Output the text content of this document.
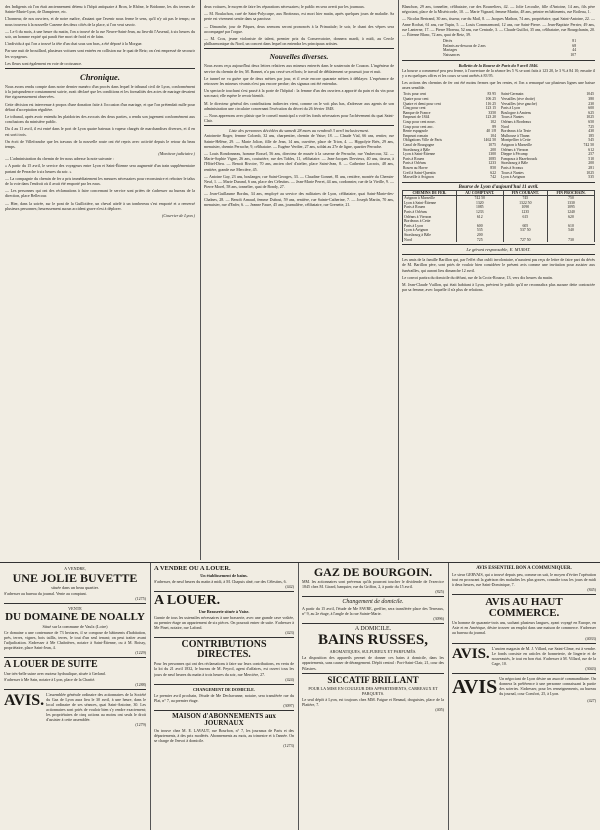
des Indigents où l'on était anciennement détenu à l'hôpit antiquaire à Bron, le Rhône, le Bridonne, les dix termes de Sainte-Marie-Lyon, de Dampierre, etc.

L'honneur, de nos ouvriers, et de notre maître, d'autant que l'avenir nous ferme le sens, qu'il n'y ait pas le temps; on nous trouvera à la nouvelle Caserne des deux côtés de la place, si l'on veut savoir.

— Le 6 du mois, à une heure du matin, l'on a trouvé de la rue Neuve-Saint-Jean, au lieu-dit l'Arsenal, à six heures du soir, un homme expiré qui paraît être mort de froid et de faim.

L'individu à qui l'on a trouvé la tête d'un chat sous son bras, a été déposé à la Morgue.

Par une nuit de brouillard, plusieurs voitures sont entrées en collision sur le quai de Retz; on s'est empressé de secourir les voyageurs.

Les fleurs sont également en voie de croissance.

Chronique.

Nous avons rendu compte dans notre dernier numéro d'un procès dans lequel le tribunal civil de Lyon, conformément à la jurisprudence constamment suivie, avait déclaré que les conditions et les formalités des actes de mariage devaient être rigoureusement observées.

Cette décision est intervenue à propos d'une donation faite à l'occasion d'un mariage, et que l'on prétendait nulle pour défaut d'acceptation régulière.

Le tribunal, après avoir entendu les plaidoiries des avocats des deux parties, a rendu son jugement conformément aux conclusions du ministère public.

Du 4 au 11 avril, il est entré dans le port de Lyon quatre bateaux à vapeur chargés de marchandises diverses, et il en est sorti trois.

On écrit de Villefranche que les travaux de la nouvelle route ont été repris avec activité depuis le retour du beau temps.

(Moniteur judiciaire.)

— L'administration du chemin de fer nous adresse la note suivante :

« A partir du 15 avril, le service des voyageurs entre Lyon et Saint-Étienne sera augmenté d'un train supplémentaire partant de Perrache à six heures du soir. »

— La compagnie du chemin de fer a pris immédiatement les mesures nécessaires pour reconstruire et reboiser le talus de la voie dans l'endroit où il avait été emporté par les eaux.

— Les personnes qui ont des réclamations à faire concernant le service sont priées de s'adresser au bureau de la direction, place Bellecour.

— Hier, dans la soirée, sur le pont de la Guillotière, un cheval attelé à un tombereau s'est emporté et a renversé plusieurs personnes; heureusement aucun accident grave n'est à déplorer.

(Courrier de Lyon.)

deux voitures, le moyen de faire les réparations nécessaires; le public en sera averti par les journaux.

— M. Boulachon, curé de Saint-Polycarpe, aux Brotteaux, est mort hier matin, après quelques jours de maladie. Sa perte est vivement sentie dans sa paroisse.

— Dimanche, jour de Pâques, deux sermons seront prononcés à la Primatiale; le soir, le chant des vêpres sera accompagné par l'orgue.

— M. Cros, jeune violoniste de talent, premier prix du Conservatoire, donnera mardi, à midi, au Cercle philharmonique du Nord, un concert dans lequel on entendra les principaux artistes.

Nouvelles diverses.

Nous avons reçu aujourd'hui deux lettres relatives aux mineurs enterrés dans le souterrain de Couzon. L'ingénieur de service du chemin de fer, M. Bonnet, n'a pas cessé ses efforts; le travail de déblaiement se poursuit jour et nuit.

Le tunnel ne va guère que de deux mètres par jour, et il reste encore quarante mètres à déblayer. L'espérance de retrouver les mineurs vivants n'est pas encore perdue; des signaux ont été entendus.

Un spectacle touchant s'est passé à la porte de l'hôpital : la femme d'un des ouvriers a apporté du pain et du vin pour son mari; elle espère le revoir bientôt.

M. le directeur général des contributions indirectes vient, comme on le voit plus bas, d'adresser aux agents de son administration une circulaire concernant l'exécution du décret du 26 février 1848.

— Nous apprenons avec plaisir que le conseil municipal a voté les fonds nécessaires pour l'achèvement du quai Saint-Clair.

Liste des personnes décédées du samedi 28 mars au vendredi 3 avril inclusivement.

Antoinette Roger, femme Colomb, 32 ans, charpentier, chemin de Vaise; 18. — Claude Vial, 66 ans, rentier, rue Sainte-Hélène, 29. — Marie Jolion, fille de Jean, 14 ans, ouvrière, place de Trion, 4. — Hippolyte Brès, 29 ans, menuisier, chemin Perrache, 9, célibataire. — Eugène Verdier, 27 ans, soldat au 27e de ligne, quartier Perrache.

— Louis Rondonneau, homme Rossel, 56 ans, directeur de musée à la caserne de Perrache, rue Vaubecour, 32. — Marie-Sophie Vigne, 26 ans, couturière, rue des Tables, 11, célibataire. — Jean-Jacques Dervieux, 40 ans, tisseur, à l'Hôtel-Dieu. — Benoit Rivoire, 70 ans, ancien chef d'atelier, place Saint-Jean, 8. — Catherine Lacroix, 48 ans, rentière, grande rue Mercière, 45.

— Antoine Gay, 23 ans, boulanger, rue Saint-Georges, 33. — Claudine Gonnet, 81 ans, rentière, montée du Chemin-Neuf, 1. — Marie Durand, 6 ans, place des Célestins. — Jean-Marie Perret, 44 ans, cordonnier, rue de la Vieille, 9. — Pierre Morel, 58 ans, tonnelier, quai de Bondy, 27.

— Jean-Guillaume Bordas, 34 ans, employé au service des militaires de Lyon, célibataire, quai Saint-Marie-des-Chaînes, 28. — Benoît Arnaud, femme Dubost, 59 ans, rentière, rue Sainte-Catherine, 7. — Joseph Martin, 70 ans, menuisier, rue d'Enfer, 6. — Jeanne Faure, 45 ans, journalière, célibataire, rue Grenette, 21.

Blanchon, 29 ans, tonnelier, célibataire, rue des Bourreliers, 42. — Jolie Lecoulte, fille d'Antoine, 14 ans, fils père négociant, place de la Miséricorde, 10. — Marie Vignard, femme Martin, 48 ans, peintre en bâtiments, rue Boileau, 1.

— Nicolas Bertrand, 30 ans, tisseur, rue du Mail, 8. — Jacques Mathon, 74 ans, propriétaire, quai Saint-Antoine, 22. — Anne Rochat, 61 ans, rue Tupin, 5. — Louis Commarmond, 12 ans, rue Saint-Pierre. — Jean-Baptiste Perrier, 49 ans, rue Lanterne, 17. — Pierre Moreau, 52 ans, rue Centrale, 3. — Claude Guillot, 35 ans, célibataire, rue Bourgchanin, 20. — Étienne Blanc, 72 ans, quai de Retz, 39.

Décès	81
Enfants au-dessous de 2 ans	68
Mariages	44
Naissances	107
Bulletin de la Bourse de Paris du 9 avril 1846.

La bourse a commencé peu peu ferme, à l'ouverture de la séance les 5 % se sont faits à 123 20, le 3 % à 84 10; ensuite il y a eu quelques offres et les cours se sont arrêtés à 83 95.

Les actions des chemins de fer ont été moins fermes que les rentes, et l'on a remarqué sur plusieurs lignes une baisse assez sensible.

Trois pour cent	83 95
Quatre pour cent	106 25
Quatre et demi pour cent	116 25
Cinq pour cent	123 15
Banque de France	3350
Emprunt de 1844	123 20
Coup pour cent nouv.	102
Coup pour cent anc.	89
Rente espagnole	40 1/8
Emprunt romain	104
Obligations Ville de Paris	1462 50
Canal de Bourgogne	1075
Strasbourg à Bâle	200
Lyon à Saint-Étienne	1300
Paris à Rouen	1085
Paris à Orléans	1233
Rouen au Havre	850
Creil à Saint-Quentin	622
Marseille à Avignon	742
Saint-Germain	1045
Versailles (rive droite)	380
Versailles (rive gauche)	230
Paris à Lyon	600
Boulogne à Amiens	625
Tours à Nantes	1025
Orléans à Bordeaux	650
Nord	725
Bordeaux à la Teste	430
Mulhouse à Thann	185
Montpellier à Cette	545
Avignon à Marseille	742 50
Orléans à Vierzon	612
Dieppe à Fécamp	257
Fampoux à Hazebrouck	510
Strasbourg à Bâle	200
Paris à Sceaux	281
Tours à Nantes	1025
Lyon à Avignon	535
Bourse de Lyon d'aujourd'hui 11 avril.
CHEMINS DE FER.	AU COMPTANT.	FIN COURANT.	FIN PROCHAIN.
Avignon à Marseille	742 50	745	750
Lyon à Saint-Étienne	1320	1322 50	1330
Paris à Rouen	1085	1090	1095
Paris à Orléans	1233	1235	1240
Orléans à Vierzon	612	615	620
Bordeaux à Cette			
Paris à Lyon	600	605	610
Lyon à Avignon	535	537 50	540
Strasbourg à Bâle	200		
Nord	725	727 50	730
Le gérant responsable, E. MURAT.

Les amis de la famille Barillon qui, par l'effet d'un oubli involontaire, n'auraient pas reçu de lettre de faire part du décès de M. Barillon père, sont priés de vouloir bien considérer le présent avis comme une invitation pour assister aux funérailles, qui auront lieu dimanche 12 avril.

Le convoi partira du domicile du défunt, rue de la Croix-Rousse, 13, vers dix heures du matin.

M. Jean-Claude Vuillon, qui était habitant à Lyon, prévient le public qu'il ne reconnaîtra plus aucune dette contractée par sa femme, avec laquelle il n'a plus de relations.

A VENDRE,
UNE JOLIE BUVETTE
située dans un beau quartier.
S'adresser au bureau du journal. Vente au comptant.
(1275)
VENTE
DU DOMAINE DE NOALLY
Situé sur la commune de Vaulx (Loire)
Ce domaine a une contenance de 73 hectares, il se compose de bâtiments d'habitation, prés, terres, vignes, bois taillis, terres, le tout d'un seul tenant; on peut traiter avant l'adjudication. S'adresser à Me Chabrières, notaire à Saint-Étienne, ou à M. Boissy, propriétaire, place Saint-Jean, 4.
(1229)
A LOUER DE SUITE
Une très-belle usine avec moteur hydraulique, située à Gerland.
S'adresser à Me Sain, notaire à Lyon, place de la Charité.
(1288)
AVIS. L'assemblée générale ordinaire des actionnaires de la Société du Gaz de Lyon aura lieu le 30 avril, à une heure, dans le local ordinaire de ses séances, quai Saint-Antoine, 30. Les actionnaires sont priés de vouloir bien s'y rendre exactement; les propriétaires de cinq actions au moins ont seuls le droit d'assister à cette assemblée.
(1279)
A VENDRE OU A LOUER.
Un établissement de bains.
S'adresser, de neuf heures du matin à midi, à M. Chapuis aîné, rue des Célestins, 6.
(442)
A LOUER.
Une Brasserie située à Vaise.
Garnie de tous les ustensiles nécessaires à une brasserie, avec une grande cave voûtée, au premier étage un appartement de six pièces. On pourrait entrer de suite. S'adresser à Me Pinet, notaire, rue Lafond.
(423)
CONTRIBUTIONS DIRECTES.
Pour les personnes qui ont des réclamations à faire sur leurs contributions, en vertu de la loi du 21 avril 1832, le bureau de M. Peyrol, agent d'affaires, est ouvert tous les jours de neuf heures du matin à trois heures du soir, rue Mercière, 27.
(424)
CHANGEMENT DE DOMICILE.
Le premier avril prochain, l'étude de Me Dechavanne, notaire, sera transférée rue du Plat, n° 7, au premier étage.
(3097)
MAISON d'ABONNEMENTS aux JOURNAUX
On trouve chez M. E. LAVAUT, rue Bourbon, n° 7, les journaux de Paris et des départements, à des prix modérés. Abonnements au mois, au trimestre et à l'année. On se charge de l'envoi à domicile.
(1273)
GAZ DE BOURGOIN.
MM. les actionnaires sont prévenus qu'ils pourront toucher le dividende de l'exercice 1845 chez M. Girard, banquier, rue du Griffon, 2, à partir du 15 avril.
(825)
Changement de domicile.
A partir du 15 avril, l'étude de Me FAVRE, greffier, sera transférée place des Terreaux, n° 9, au 2e étage, à l'angle de la rue Sainte-Marie.
(3096)
A DOMICILE.
BAINS RUSSES,
AROMATIQUES, SULFUREUX ET PARFUMÉS.
La disposition des appareils permet de donner ces bains à domicile, dans les appartements, sans causer de dérangement. Dépôt central : Port-Saint-Clair, 21, cour des Pilastres.
SICCATIF BRILLANT
POUR LA MISE EN COULEUR DES APPARTEMENTS, CARREAUX ET PARQUETS.
Le seul dépôt à Lyon, est toujours chez MM. Faigue et Renaud, droguistes, place de la Platière, 7.
(405)
AVIS ESSENTIEL BON A COMMUNIQUER.
Le sieur GERVAIS, qui a trouvé depuis peu, comme on sait, le moyen d'éviter l'opération tout en procurant la guérison des maladies les plus graves, consulte tous les jours de midi à deux heures, rue Saint-Dominique, 7.
(845)
AVIS AU HAUT COMMERCE.
Un homme de quarante-trois ans, sachant plusieurs langues, ayant voyagé en Europe, en Asie et en Amérique, désire trouver un emploi dans une maison de commerce. S'adresser au bureau du journal.
(4033)
AVIS. L'ancien magasin de M. J. Villard, rue Saint-Côme, est à vendre. Le fonds consiste en articles de bonneterie, de lingerie et de nouveautés, le tout en bon état. S'adresser à M. Villard, rue de la Cage, 10.
(3043)
AVIS Un négociant de Lyon désire un associé commanditaire. On donnera la préférence à une personne connaissant la partie des soieries. S'adresser, pour les renseignements, au bureau du journal, cour Comfort, 25, à Lyon.
(427)
